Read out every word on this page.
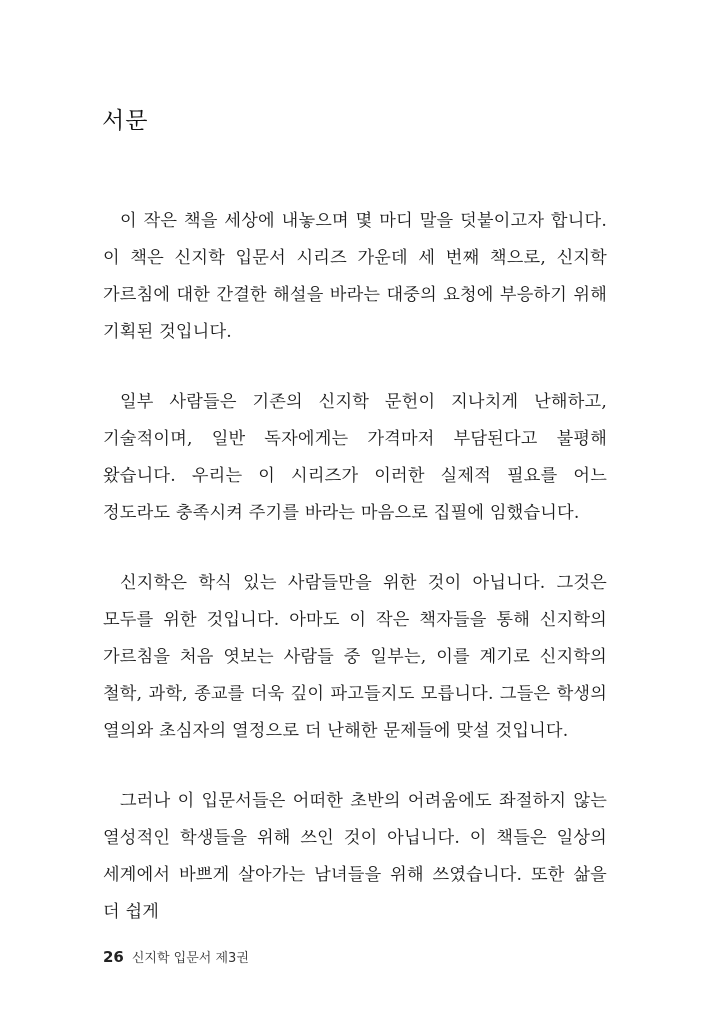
서문

이 작은 책을 세상에 내놓으며 몇 마디 말을 덧붙이고자 합니다. 이 책은 신지학 입문서 시리즈 가운데 세 번째 책으로, 신지학 가르침에 대한 간결한 해설을 바라는 대중의 요청에 부응하기 위해 기획된 것입니다.

일부 사람들은 기존의 신지학 문헌이 지나치게 난해하고, 기술적이며, 일반 독자에게는 가격마저 부담된다고 불평해 왔습니다. 우리는 이 시리즈가 이러한 실제적 필요를 어느 정도라도 충족시켜 주기를 바라는 마음으로 집필에 임했습니다.

신지학은 학식 있는 사람들만을 위한 것이 아닙니다. 그것은 모두를 위한 것입니다. 아마도 이 작은 책자들을 통해 신지학의 가르침을 처음 엿보는 사람들 중 일부는, 이를 계기로 신지학의 철학, 과학, 종교를 더욱 깊이 파고들지도 모릅니다. 그들은 학생의 열의와 초심자의 열정으로 더 난해한 문제들에 맞설 것입니다.

그러나 이 입문서들은 어떠한 초반의 어려움에도 좌절하지 않는 열성적인 학생들을 위해 쓰인 것이 아닙니다. 이 책들은 일상의 세계에서 바쁘게 살아가는 남녀들을 위해 쓰였습니다. 또한 삶을 더 쉽게

26 신지학 입문서 제3권
